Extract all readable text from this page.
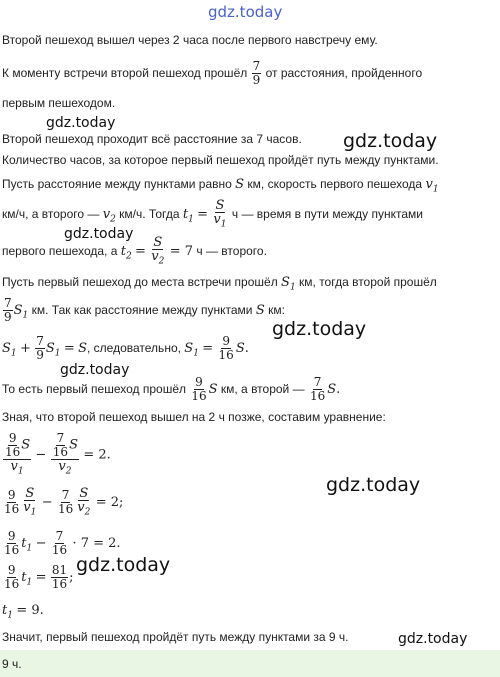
gdz.today
Второй пешеход вышел через 2 часа после первого навстречу ему.
К моменту встречи второй пешеход прошёл $\frac{7}{9}$ от расстояния, пройденного
первым пешеходом.
gdz.today
Второй пешеход проходит всё расстояние за 7 часов. gdz.today
Количество часов, за которое первый пешеход пройдёт путь между пунктами.
Пусть расстояние между пунктами равно S км, скорость первого пешехода $v_1$
км/ч, а второго — $v_2$ км/ч. Тогда $t_1 = \frac{S}{v_1}$ ч — время в пути между пунктами
gdz.today
первого пешехода, а $t_2 = \frac{S}{v_2} = 7$ ч — второго.
Пусть первый пешеход до места встречи прошёл $S_1$ км, тогда второй прошёл
$\frac{7}{9} S_1$ км. Так как расстояние между пунктами S км:
$S_1 + \frac{7}{9} S_1 = S$, следовательно, $S_1 = \frac{9}{16} S$.
gdz.today
gdz.today
То есть первый пешеход прошёл $\frac{9}{16}$ S км, а второй — $\frac{7}{16} S$.
Зная, что второй пешеход вышел на 2 ч позже, составим уравнение:
$\frac{\frac{9}{16} S}{v_1} - \frac{\frac{7}{16} S}{v_2} = 2$.
$\frac{9}{16} \frac{S}{v_1} - \frac{7}{16} \frac{S}{v_2} = 2$;
gdz.today
$\frac{9}{16} t_1 - \frac{7}{16} \cdot 7 = 2$.
$\frac{9}{16} t_1 = \frac{81}{16}$ ;
gdz.today
$t_1 = 9$.
Значит, первый пешеход пройдёт путь между пунктами за 9 ч.	gdz.today
9 ч.
